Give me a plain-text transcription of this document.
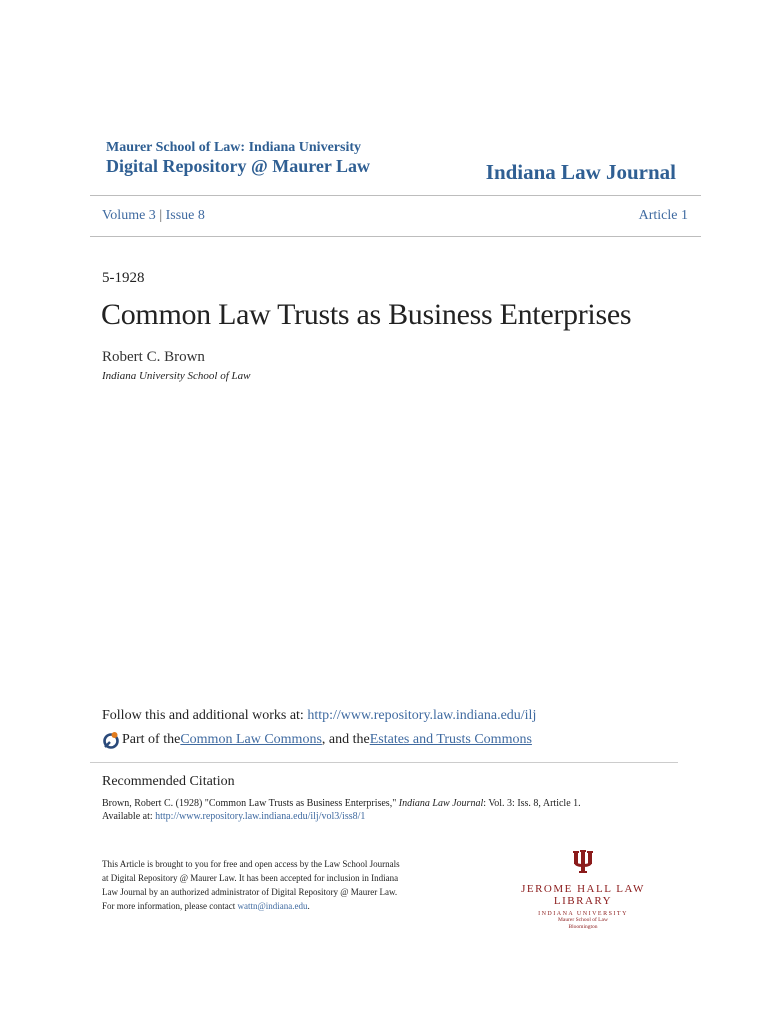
Maurer School of Law: Indiana University
Digital Repository @ Maurer Law	Indiana Law Journal
Volume 3 | Issue 8	Article 1
5-1928
Common Law Trusts as Business Enterprises
Robert C. Brown
Indiana University School of Law
Follow this and additional works at: http://www.repository.law.indiana.edu/ilj
Part of the Common Law Commons , and the Estates and Trusts Commons
Recommended Citation
Brown, Robert C. (1928) "Common Law Trusts as Business Enterprises," Indiana Law Journal: Vol. 3: Iss. 8, Article 1.
Available at: http://www.repository.law.indiana.edu/ilj/vol3/iss8/1
This Article is brought to you for free and open access by the Law School Journals at Digital Repository @ Maurer Law. It has been accepted for inclusion in Indiana Law Journal by an authorized administrator of Digital Repository @ Maurer Law. For more information, please contact wattn@indiana.edu.
JEROME HALL LAW LIBRARY
INDIANA UNIVERSITY
Maurer School of Law
Bloomington
